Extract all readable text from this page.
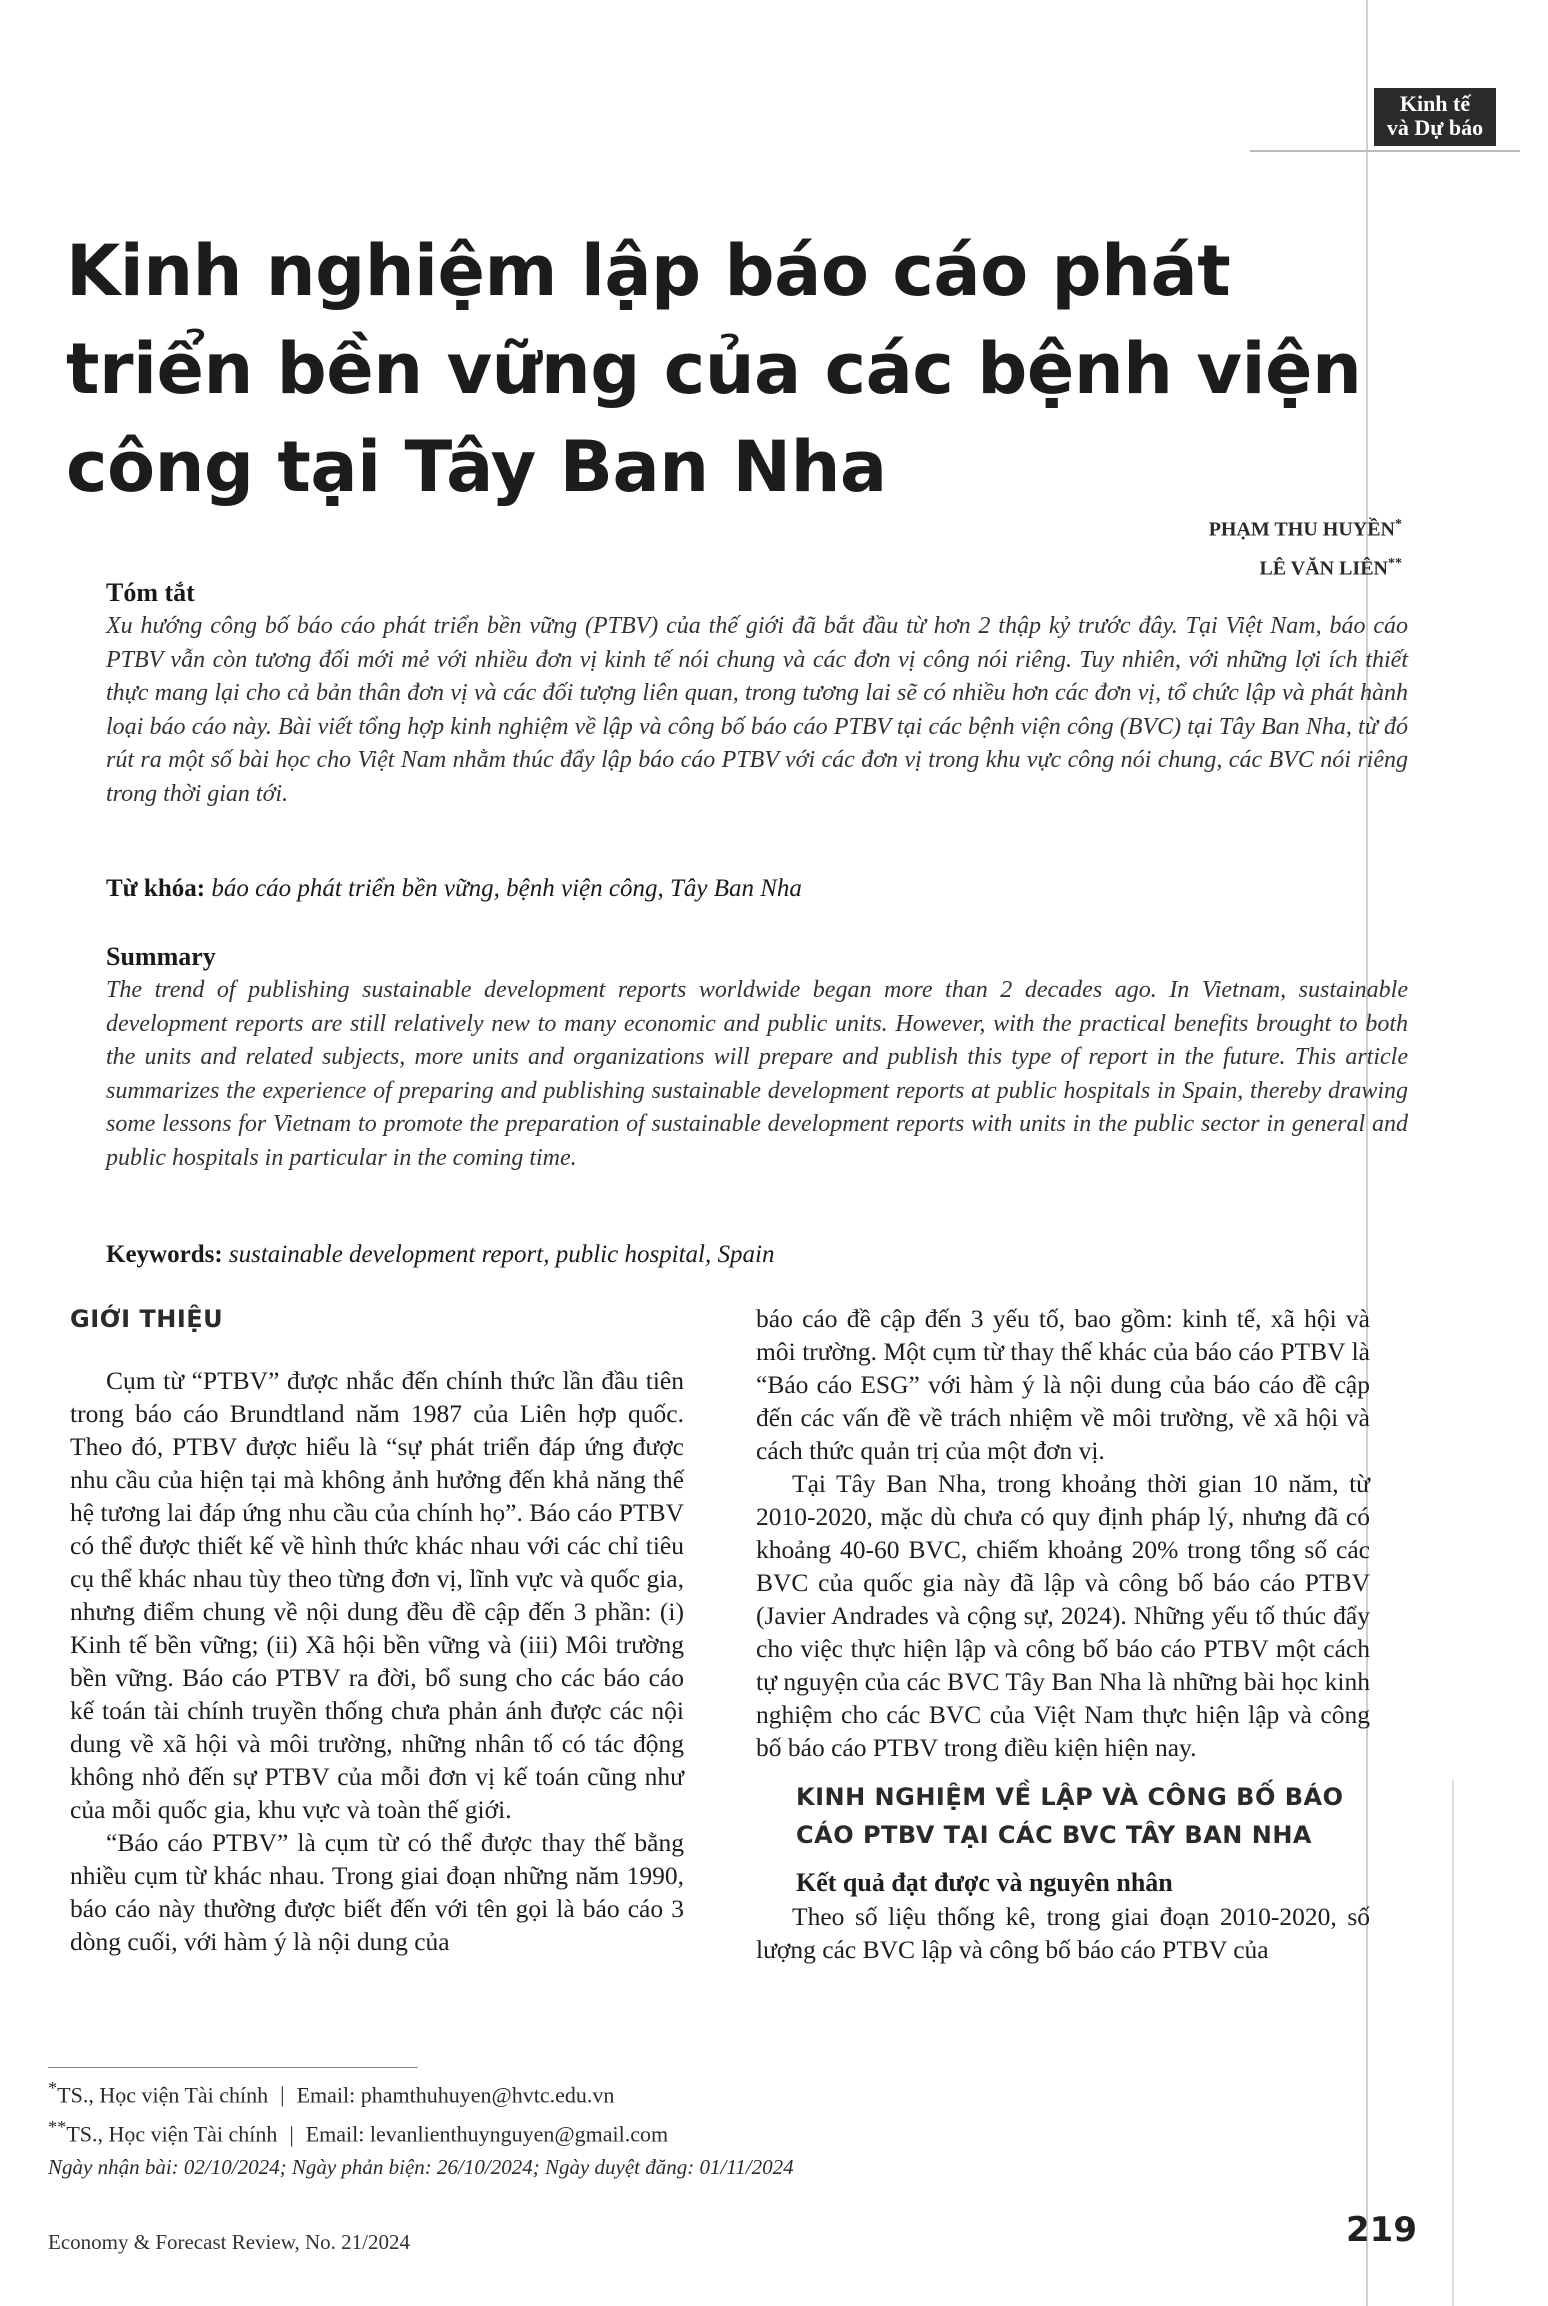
Kinh tế
và Dự báo
Kinh nghiệm lập báo cáo phát triển bền vững của các bệnh viện công tại Tây Ban Nha
PHẠM THU HUYỀN*
LÊ VĂN LIÊN**
Tóm tắt

Xu hướng công bố báo cáo phát triển bền vững (PTBV) của thế giới đã bắt đầu từ hơn 2 thập kỷ trước đây. Tại Việt Nam, báo cáo PTBV vẫn còn tương đối mới mẻ với nhiều đơn vị kinh tế nói chung và các đơn vị công nói riêng. Tuy nhiên, với những lợi ích thiết thực mang lại cho cả bản thân đơn vị và các đối tượng liên quan, trong tương lai sẽ có nhiều hơn các đơn vị, tổ chức lập và phát hành loại báo cáo này. Bài viết tổng hợp kinh nghiệm về lập và công bố báo cáo PTBV tại các bệnh viện công (BVC) tại Tây Ban Nha, từ đó rút ra một số bài học cho Việt Nam nhằm thúc đẩy lập báo cáo PTBV với các đơn vị trong khu vực công nói chung, các BVC nói riêng trong thời gian tới.

Từ khóa: báo cáo phát triển bền vững, bệnh viện công, Tây Ban Nha
Summary

The trend of publishing sustainable development reports worldwide began more than 2 decades ago. In Vietnam, sustainable development reports are still relatively new to many economic and public units. However, with the practical benefits brought to both the units and related subjects, more units and organizations will prepare and publish this type of report in the future. This article summarizes the experience of preparing and publishing sustainable development reports at public hospitals in Spain, thereby drawing some lessons for Vietnam to promote the preparation of sustainable development reports with units in the public sector in general and public hospitals in particular in the coming time.

Keywords: sustainable development report, public hospital, Spain
GIỚI THIỆU

Cụm từ “PTBV” được nhắc đến chính thức lần đầu tiên trong báo cáo Brundtland năm 1987 của Liên hợp quốc. Theo đó, PTBV được hiểu là “sự phát triển đáp ứng được nhu cầu của hiện tại mà không ảnh hưởng đến khả năng thế hệ tương lai đáp ứng nhu cầu của chính họ”. Báo cáo PTBV có thể được thiết kế về hình thức khác nhau với các chỉ tiêu cụ thể khác nhau tùy theo từng đơn vị, lĩnh vực và quốc gia, nhưng điểm chung về nội dung đều đề cập đến 3 phần: (i) Kinh tế bền vững; (ii) Xã hội bền vững và (iii) Môi trường bền vững. Báo cáo PTBV ra đời, bổ sung cho các báo cáo kế toán tài chính truyền thống chưa phản ánh được các nội dung về xã hội và môi trường, những nhân tố có tác động không nhỏ đến sự PTBV của mỗi đơn vị kế toán cũng như của mỗi quốc gia, khu vực và toàn thế giới.

“Báo cáo PTBV” là cụm từ có thể được thay thế bằng nhiều cụm từ khác nhau. Trong giai đoạn những năm 1990, báo cáo này thường được biết đến với tên gọi là báo cáo 3 dòng cuối, với hàm ý là nội dung của

báo cáo đề cập đến 3 yếu tố, bao gồm: kinh tế, xã hội và môi trường. Một cụm từ thay thế khác của báo cáo PTBV là “Báo cáo ESG” với hàm ý là nội dung của báo cáo đề cập đến các vấn đề về trách nhiệm về môi trường, về xã hội và cách thức quản trị của một đơn vị.

Tại Tây Ban Nha, trong khoảng thời gian 10 năm, từ 2010-2020, mặc dù chưa có quy định pháp lý, nhưng đã có khoảng 40-60 BVC, chiếm khoảng 20% trong tổng số các BVC của quốc gia này đã lập và công bố báo cáo PTBV (Javier Andrades và cộng sự, 2024). Những yếu tố thúc đẩy cho việc thực hiện lập và công bố báo cáo PTBV một cách tự nguyện của các BVC Tây Ban Nha là những bài học kinh nghiệm cho các BVC của Việt Nam thực hiện lập và công bố báo cáo PTBV trong điều kiện hiện nay.

KINH NGHIỆM VỀ LẬP VÀ CÔNG BỐ BÁO CÁO PTBV TẠI CÁC BVC TÂY BAN NHA
Kết quả đạt được và nguyên nhân

Theo số liệu thống kê, trong giai đoạn 2010-2020, số lượng các BVC lập và công bố báo cáo PTBV của

*TS., Học viện Tài chính | Email: phamthuhuyen@hvtc.edu.vn
**TS., Học viện Tài chính | Email: levanlienthuynguyen@gmail.com
Ngày nhận bài: 02/10/2024; Ngày phản biện: 26/10/2024; Ngày duyệt đăng: 01/11/2024
Economy & Forecast Review, No. 21/2024	219
